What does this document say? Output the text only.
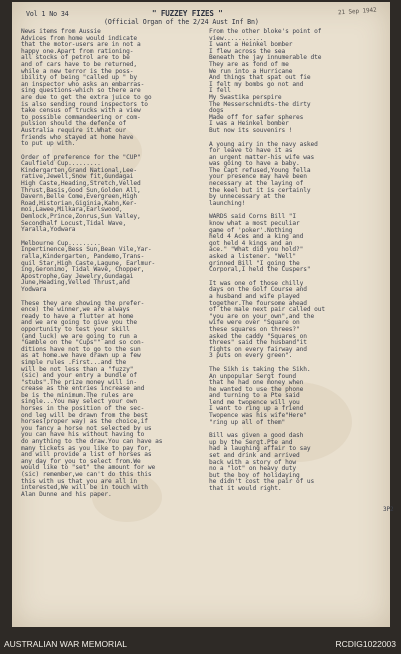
Vol 1 No 34	" FUZZEY FIZES "	21 Sep 1942
(Official Organ of the 2/24 Aust Inf Bn)
News items from Aussie
Advices from home would indicate
that the motor-users are in not a
happy one.Apart from rationing-
all stocks of petrol are to be
and of cars have to be returned,
while a new terror is the poss-
ibility of being "called up " by
an inspector who asks an embarras-
sing questions-which so there are
are due to get the extra juice to go
is also sending round inspectors to
take census of trucks with a view
to possible commandeering or com-
pulsion should the defence of
Australia require it.What our
friends who stayed at home have
to put up with.
Order of preference for the "CUP"
Caulfield Cup.........
Kindergarten,Grand National,Lee-
rative,Jewell,Snow fit,Gundagai
High Caste,Heading,Stretch,Velled
Thrust,Basis,Good Sun,Golden All,
Davern,Belle Come,Evergreen,High
Road,Historian,Giginia,Kahn,Ker-
moi,Lawee,Milkara,Earlswood,
Demlock,Prince,Zonrus,Sun Valley,
Secondhalf Locust,Tidal Wave,
Yaralla,Yodwara
Melbourne Cup.........
Inpertinence,Bess Sun,Bean Vile,Yar-
ralla,Kindergarten, Pandemo,Trans-
quil Star,High Caste,Lagune, Earlmur-
ing,Geronimo, Tidal Wave, Chopper,
Apostrophe,Gay Jewelry,Gundagai
June,Heading,Velled Thrust,and
Yodwara
These they are showing the prefer-
ence) the winner,we are always
ready to have a flutter at home
and we are going to give you the
opportunity to test your skill
(and luck) we are going to run a
"Gamble on the "Cups"" and so con-
ditions have not to go to the sun
as at home.we have drawn up a few
simple rules .First...and the
will be not less than a "fuzzy"
(sic) and your entry a bundle of
"stubs".The prize money will in-
crease as the entries increase and
be is the minimum.The rules are
single...You may select your own
horses in the position of the sec-
ond leg will be drawn from the best
horses(proper way) as the choice,if
you fancy a horse not selected by us
you can have his without having to
do anything to the draw.You can have as
many tickets as you like to pay for,
and will provide a list of horses as
any day for you to select from.We
would like to "set" the amount for we
(sic) remember,we can't do this this
this with us that you are all in
interested,We will be in touch with
Alan Dunne and his paper.
From the other bloke's point of
view...........
I want a Heinkel bomber
I flew across the sea
Beneath the jay innumerable dte
They are as fond of me
We run into a Hurricane
And things that spat out fie
I felt my bombs go not and
I fell
My Swastika perspire
The Messerschmidts-the dirty
dogs
Made off for safer spheres
I was a Heinkel bomber
But now its souvenirs !
A young airy in the navy asked
for leave to have it as
an urgent matter-his wife was
was going to have a baby.
The Capt refused,Young fella
your presence may have been
necessary at the laying of
the keel but it is certainly
by unnecessary at the
launching!
WARDS said Corns Bill "I
know what a most peculiar
game of 'poker'.Nothing
held 4 Aces and a king and
got held 4 kings and an
ace." "What did you hold?"
asked a listener. "Well"
grinned Bill "I going the
Corporal,I held the Cuspers"
It was one of those chilly
days on the Golf Course and
a husband and wife played
together.The foursome ahead
of the male next pair called out
"you are on your own",and the
wife were over "Square on
these squares on threes?"
asked the caddy "Squares on
threes" said the husband"it
fights on every fairway and
3 puts on every green".
The Sikh is taking the Sikh.
An unpopular Sergt found
that he had one money when
he wanted to use the phone
and turning to a Pte said
lend me twopence will you
I want to ring up a friend
Twopence was his wife"Here"
"ring up all of them"
Bill was given a good dash
up by the Sergt.Pte and
had a laughing affair to say
set and drink and arrived
back with a story of how
no a "lot" on heavy duty
but the boy of holidaying
he didn't cost the pair of us
that it would right.
3P2
AUSTRALIAN WAR MEMORIAL	RCDIG1022003
